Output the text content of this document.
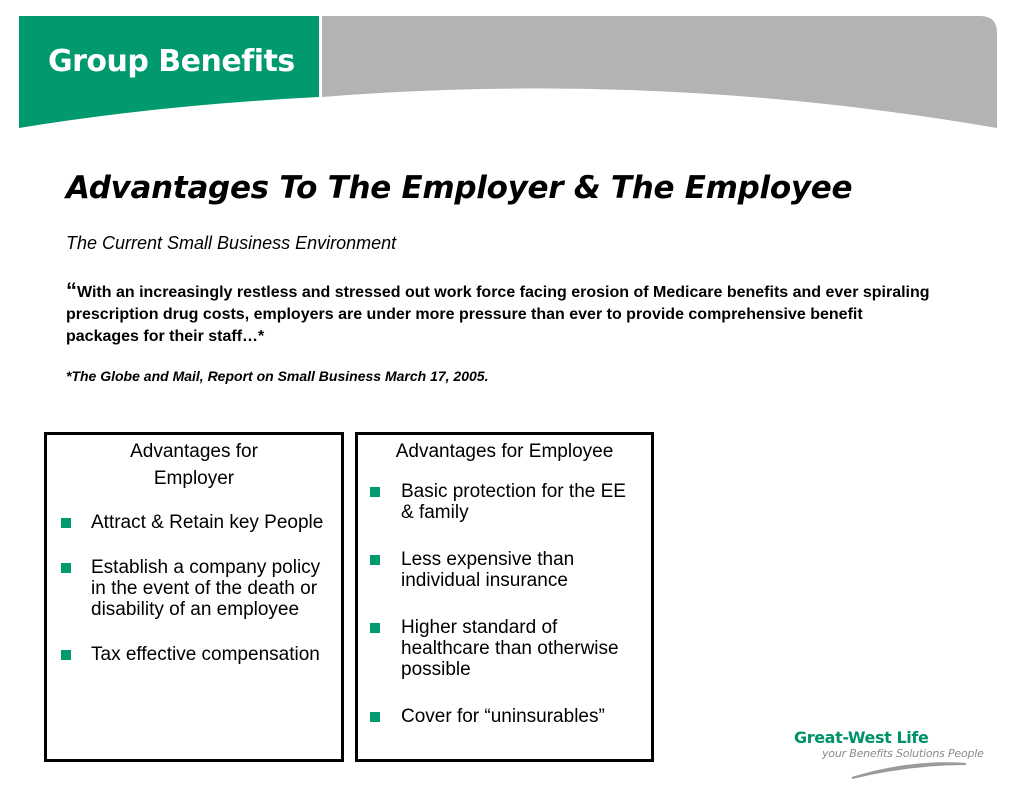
Group Benefits
Advantages To The Employer & The Employee
The Current Small Business Environment
“With an increasingly restless and stressed out work force facing erosion of Medicare benefits and ever spiraling prescription drug costs, employers are under more pressure than ever to provide comprehensive benefit packages for their staff…*
*The Globe and Mail, Report on Small Business March 17, 2005.
Advantages for
Employer
Attract & Retain key People
Establish a company policy in the event of the death or disability of an employee
Tax effective compensation
Advantages for Employee
Basic protection for the EE & family
Less expensive than individual insurance
Higher standard of healthcare than otherwise possible
Cover for “uninsurables”
Great-West Life
your Benefits Solutions People
